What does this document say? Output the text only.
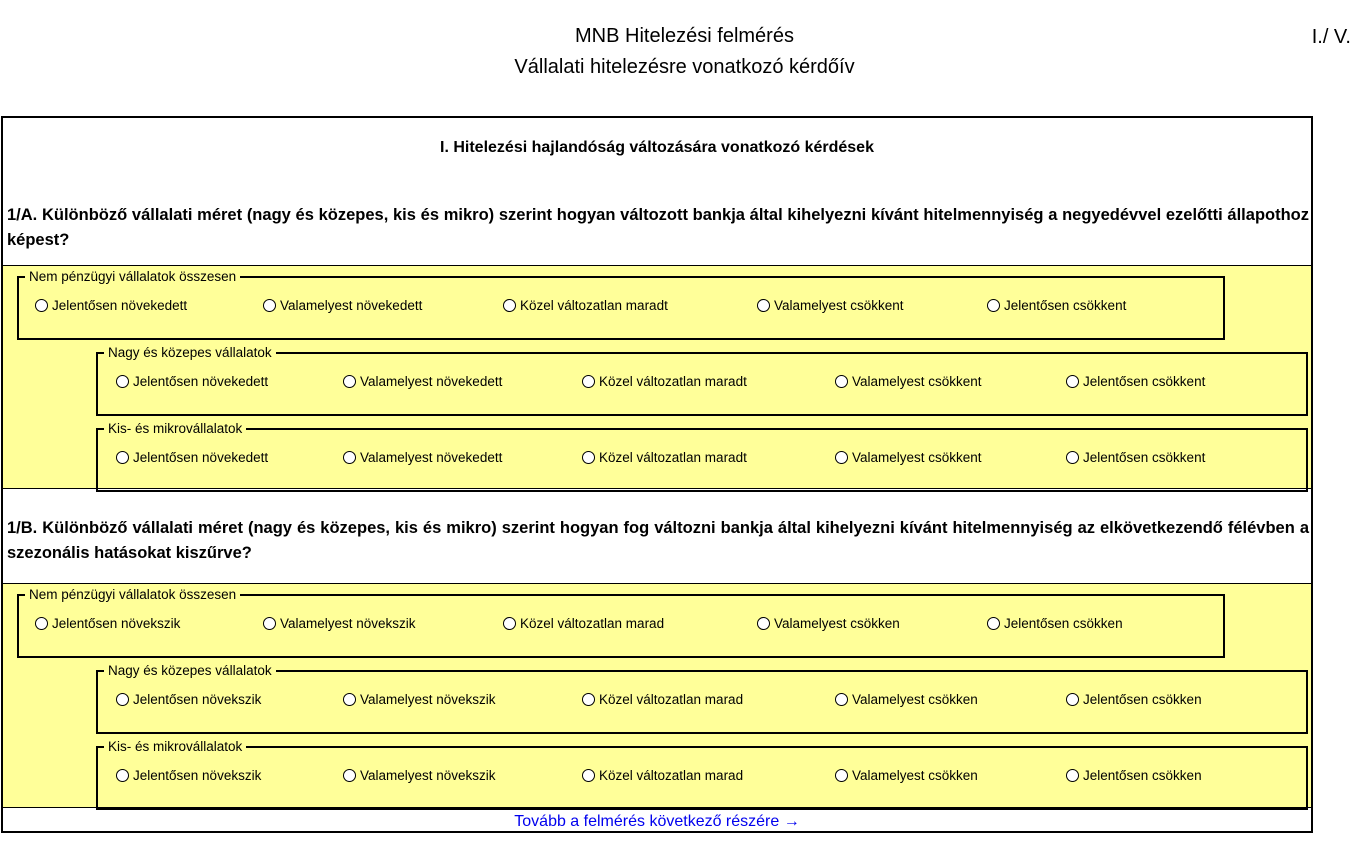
MNB Hitelezési felmérés
Vállalati hitelezésre vonatkozó kérdőív
I./ V.
I. Hitelezési hajlandóság változására vonatkozó kérdések
1/A. Különböző vállalati méret (nagy és közepes, kis és mikro) szerint hogyan változott bankja által kihelyezni kívánt hitelmennyiség a negyedévvel ezelőtti állapothoz képest?
Nem pénzügyi vállalatok összesen
Jelentősen növekedett	Valamelyest növekedett	Közel változatlan maradt	Valamelyest csökkent	Jelentősen csökkent
Nagy és közepes vállalatok
Jelentősen növekedett	Valamelyest növekedett	Közel változatlan maradt	Valamelyest csökkent	Jelentősen csökkent
Kis- és mikrovállalatok
Jelentősen növekedett	Valamelyest növekedett	Közel változatlan maradt	Valamelyest csökkent	Jelentősen csökkent
1/B. Különböző vállalati méret (nagy és közepes, kis és mikro) szerint hogyan fog változni bankja által kihelyezni kívánt hitelmennyiség az elkövetkezendő félévben a szezonális hatásokat kiszűrve?
Nem pénzügyi vállalatok összesen
Jelentősen növekszik	Valamelyest növekszik	Közel változatlan marad	Valamelyest csökken	Jelentősen csökken
Nagy és közepes vállalatok
Jelentősen növekszik	Valamelyest növekszik	Közel változatlan marad	Valamelyest csökken	Jelentősen csökken
Kis- és mikrovállalatok
Jelentősen növekszik	Valamelyest növekszik	Közel változatlan marad	Valamelyest csökken	Jelentősen csökken
Tovább a felmérés következő részére →
